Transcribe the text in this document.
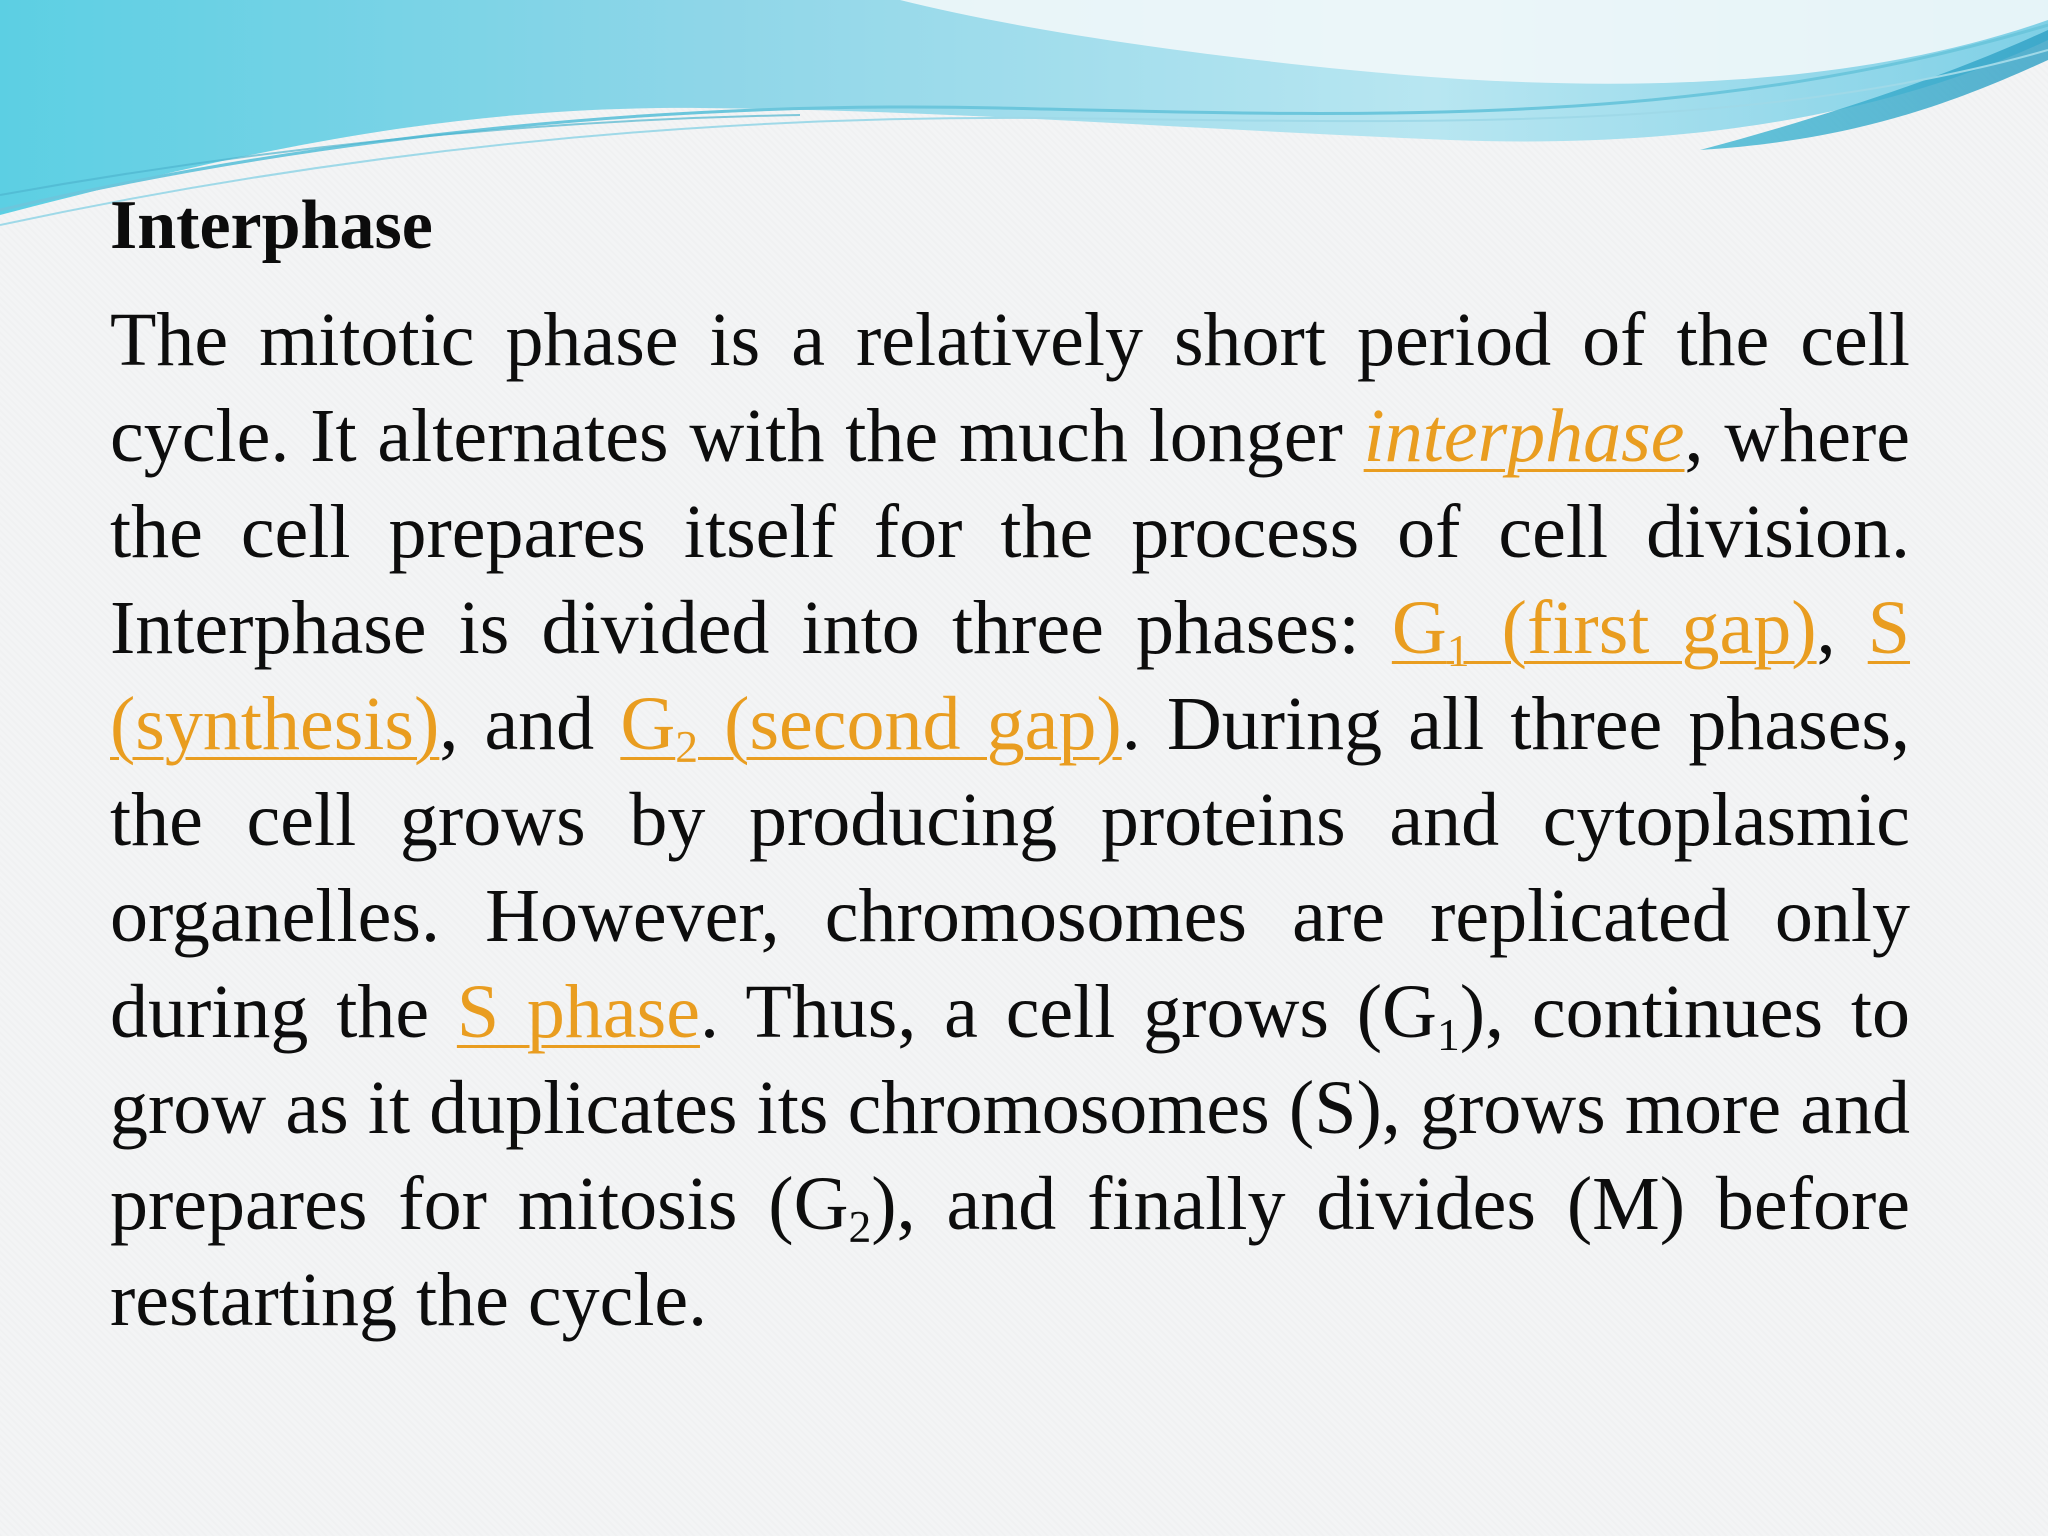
Interphase

The mitotic phase is a relatively short period of the cell cycle. It alternates with the much longer interphase, where the cell prepares itself for the process of cell division. Interphase is divided into three phases: $G_1$ (first gap), S (synthesis), and $G_2$ (second gap). During all three phases, the cell grows by producing proteins and cytoplasmic organelles. However, chromosomes are replicated only during the S phase. Thus, a cell grows $(G_1)$, continues to grow as it duplicates its chromosomes (S), grows more and prepares for mitosis $(G_2)$, and finally divides (M) before restarting the cycle.
